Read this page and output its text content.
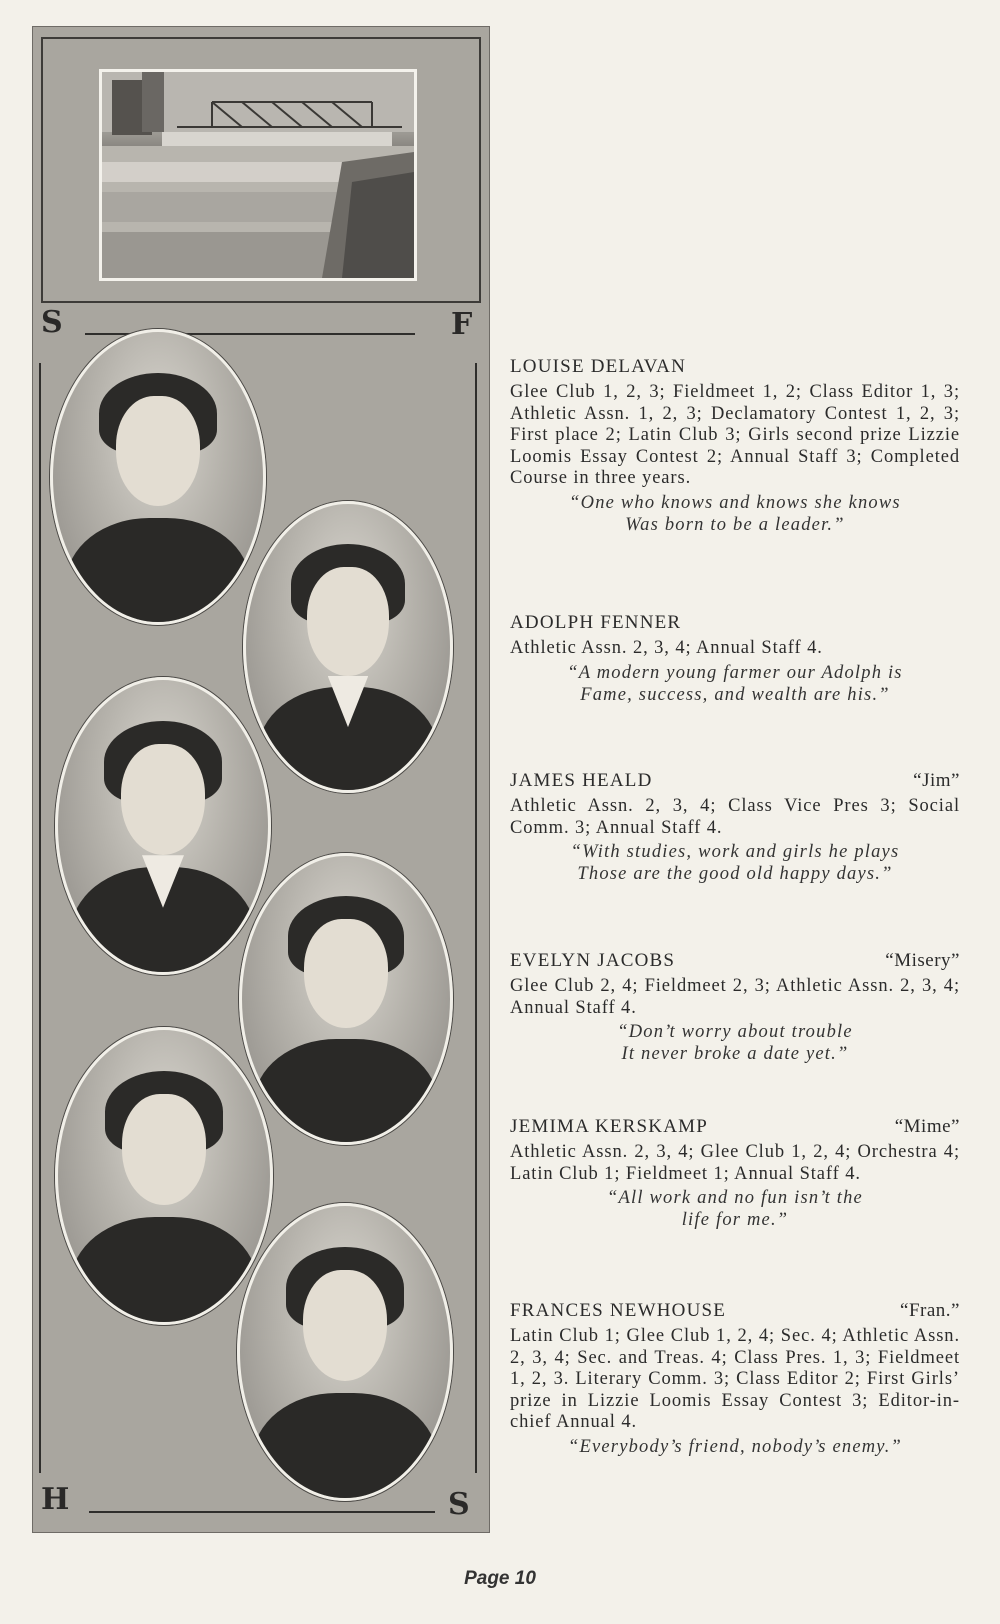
S	F
H	S
LOUISE DELAVAN
Glee Club 1, 2, 3; Fieldmeet 1, 2; Class Editor 1, 3; Athletic Assn. 1, 2, 3; Declamatory Contest 1, 2, 3; First place 2; Latin Club 3; Girls second prize Lizzie Loomis Essay Contest 2; Annual Staff 3; Completed Course in three years.
“One who knows and knows she knows
Was born to be a leader.”
ADOLPH FENNER
Athletic Assn. 2, 3, 4; Annual Staff 4.
“A modern young farmer our Adolph is
Fame, success, and wealth are his.”
JAMES HEALD	“Jim”
Athletic Assn. 2, 3, 4; Class Vice Pres 3; Social Comm. 3; Annual Staff 4.
“With studies, work and girls he plays
Those are the good old happy days.”
EVELYN JACOBS	“Misery”
Glee Club 2, 4; Fieldmeet 2, 3; Athletic Assn. 2, 3, 4; Annual Staff 4.
“Don’t worry about trouble
It never broke a date yet.”
JEMIMA KERSKAMP	“Mime”
Athletic Assn. 2, 3, 4; Glee Club 1, 2, 4; Orchestra 4; Latin Club 1; Fieldmeet 1; Annual Staff 4.
“All work and no fun isn’t the
life for me.”
FRANCES NEWHOUSE	“Fran.”
Latin Club 1; Glee Club 1, 2, 4; Sec. 4; Athletic Assn. 2, 3, 4; Sec. and Treas. 4; Class Pres. 1, 3; Fieldmeet 1, 2, 3. Literary Comm. 3; Class Editor 2; First Girls’ prize in Lizzie Loomis Essay Contest 3; Editor-in-chief Annual 4.
“Everybody’s friend, nobody’s enemy.”
Page 10
